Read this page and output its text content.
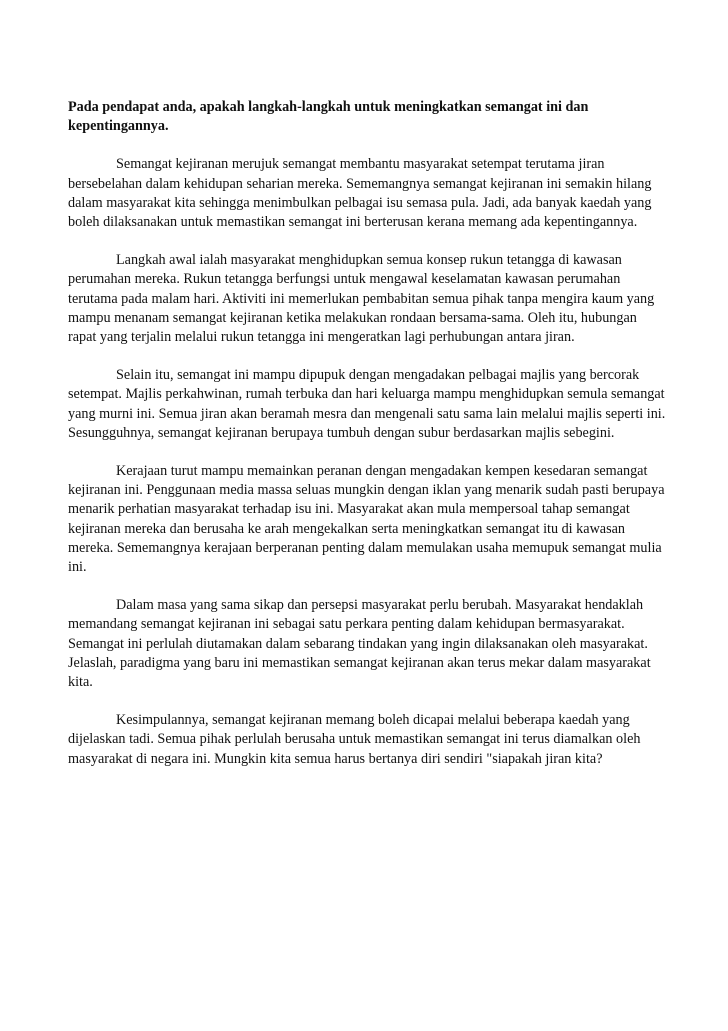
Pada pendapat anda, apakah langkah-langkah untuk meningkatkan semangat ini dan kepentingannya.

Semangat kejiranan merujuk semangat membantu masyarakat setempat terutama jiran bersebelahan dalam kehidupan seharian mereka. Sememangnya semangat kejiranan ini semakin hilang dalam masyarakat kita sehingga menimbulkan pelbagai isu semasa pula. Jadi, ada banyak kaedah yang boleh dilaksanakan untuk memastikan semangat ini berterusan kerana memang ada kepentingannya.

Langkah awal ialah masyarakat menghidupkan semua konsep rukun tetangga di kawasan perumahan mereka. Rukun tetangga berfungsi untuk mengawal keselamatan kawasan perumahan terutama pada malam hari. Aktiviti ini memerlukan pembabitan semua pihak tanpa mengira kaum yang mampu menanam semangat kejiranan ketika melakukan rondaan bersama-sama. Oleh itu, hubungan rapat yang terjalin melalui rukun tetangga ini mengeratkan lagi perhubungan antara jiran.

Selain itu, semangat ini mampu dipupuk dengan mengadakan pelbagai majlis yang bercorak setempat. Majlis perkahwinan, rumah terbuka dan hari keluarga mampu menghidupkan semula semangat yang murni ini. Semua jiran akan beramah mesra dan mengenali satu sama lain melalui majlis seperti ini. Sesungguhnya, semangat kejiranan berupaya tumbuh dengan subur berdasarkan majlis sebegini.

Kerajaan turut mampu memainkan peranan dengan mengadakan kempen kesedaran semangat kejiranan ini. Penggunaan media massa seluas mungkin dengan iklan yang menarik sudah pasti berupaya menarik perhatian masyarakat terhadap isu ini. Masyarakat akan mula mempersoal tahap semangat kejiranan mereka dan berusaha ke arah mengekalkan serta meningkatkan semangat itu di kawasan mereka. Sememangnya kerajaan berperanan penting dalam memulakan usaha memupuk semangat mulia ini.

Dalam masa yang sama sikap dan persepsi masyarakat perlu berubah. Masyarakat hendaklah memandang semangat kejiranan ini sebagai satu perkara penting dalam kehidupan bermasyarakat. Semangat ini perlulah diutamakan dalam sebarang tindakan yang ingin dilaksanakan oleh masyarakat. Jelaslah, paradigma yang baru ini memastikan semangat kejiranan akan terus mekar dalam masyarakat kita.

Kesimpulannya, semangat kejiranan memang boleh dicapai melalui beberapa kaedah yang dijelaskan tadi. Semua pihak perlulah berusaha untuk memastikan semangat ini terus diamalkan oleh masyarakat di negara ini. Mungkin kita semua harus bertanya diri sendiri "siapakah jiran kita?
